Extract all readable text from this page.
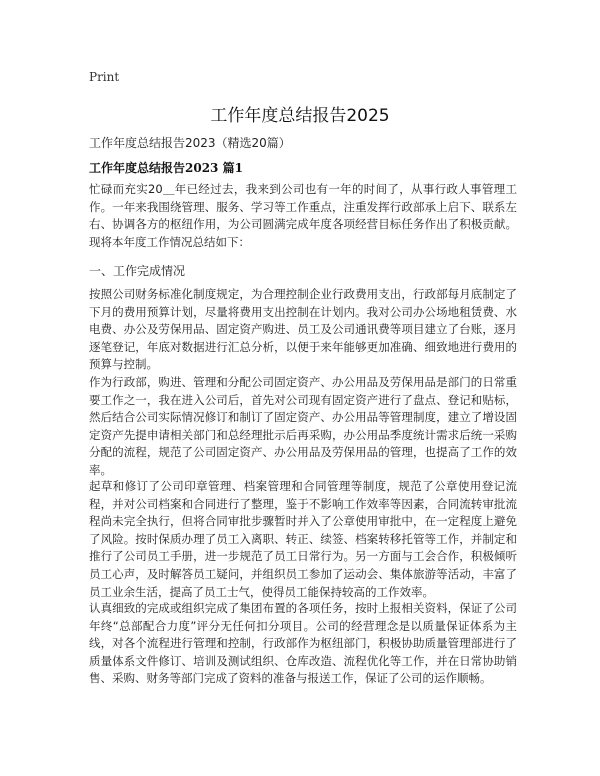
Print
工作年度总结报告2025
工作年度总结报告2023（精选20篇）
工作年度总结报告2023 篇1

忙碌而充实20＿年已经过去，我来到公司也有一年的时间了，从事行政人事管理工作。一年来我围绕管理、服务、学习等工作重点，注重发挥行政部承上启下、联系左右、协调各方的枢纽作用，为公司圆满完成年度各项经营目标任务作出了积极贡献。现将本年度工作情况总结如下：

一、工作完成情况

按照公司财务标准化制度规定，为合理控制企业行政费用支出，行政部每月底制定了下月的费用预算计划，尽量将费用支出控制在计划内。我对公司办公场地租赁费、水电费、办公及劳保用品、固定资产购进、员工及公司通讯费等项目建立了台账，逐月逐笔登记，年底对数据进行汇总分析，以便于来年能够更加准确、细致地进行费用的预算与控制。

作为行政部，购进、管理和分配公司固定资产、办公用品及劳保用品是部门的日常重要工作之一，我在进入公司后，首先对公司现有固定资产进行了盘点、登记和贴标，然后结合公司实际情况修订和制订了固定资产、办公用品等管理制度，建立了增设固定资产先提申请相关部门和总经理批示后再采购，办公用品季度统计需求后统一采购分配的流程，规范了公司固定资产、办公用品及劳保用品的管理，也提高了工作的效率。

起草和修订了公司印章管理、档案管理和合同管理等制度，规范了公章使用登记流程，并对公司档案和合同进行了整理，鉴于不影响工作效率等因素，合同流转审批流程尚未完全执行，但将合同审批步骤暂时并入了公章使用审批中，在一定程度上避免了风险。按时保质办理了员工入离职、转正、续签、档案转移托管等工作，并制定和推行了公司员工手册，进一步规范了员工日常行为。另一方面与工会合作，积极倾听员工心声，及时解答员工疑问，并组织员工参加了运动会、集体旅游等活动，丰富了员工业余生活，提高了员工士气，使得员工能保持较高的工作效率。

认真细致的完成或组织完成了集团布置的各项任务，按时上报相关资料，保证了公司年终“总部配合力度”评分无任何扣分项目。公司的经营理念是以质量保证体系为主线，对各个流程进行管理和控制，行政部作为枢纽部门，积极协助质量管理部进行了质量体系文件修订、培训及测试组织、仓库改造、流程优化等工作，并在日常协助销售、采购、财务等部门完成了资料的准备与报送工作，保证了公司的运作顺畅。
